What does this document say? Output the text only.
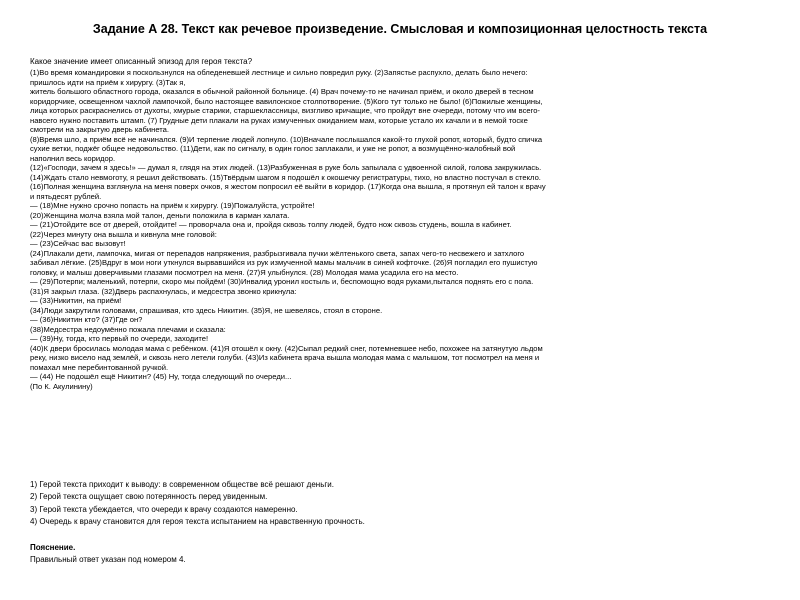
Задание А 28. Текст как речевое произведение. Смысловая и композиционная целостность текста
Какое значение имеет описанный эпизод для героя текста?

(1)Во время командировки я поскользнулся на обледеневшей лестнице и сильно повредил руку. (2)Запястье распухло, делать было нечего:

пришлось идти на приём к хирургу. (3)Так я,

житель большого областного города, оказался в обычной районной больнице. (4) Врач почему-то не начинал приём, и около дверей в тесном

коридорчике, освещенном чахлой лампочкой, было настоящее вавилонское столпотворение. (5)Кого тут только не было! (6)Пожилые женщины,

лица которых раскраснелись от духоты, хмурые старики, старшеклассницы, визгливо кричащие, что пройдут вне очереди, потому что им всего-

навсего нужно поставить штамп. (7) Грудные дети плакали на руках измученных ожиданием мам, которые устало их качали и в немой тоске

смотрели на закрытую дверь кабинета.

(8)Время шло, а приём всё не начинался. (9)И терпение людей лопнуло. (10)Вначале послышался какой-то глухой ропот, который, будто спичка

сухие ветки, поджёг общее недовольство. (11)Дети, как по сигналу, в один голос заплакали, и уже не ропот, а возмущённо-жалобный вой

наполнил весь коридор.

(12)«Господи, зачем я здесь!» — думал я, глядя на этих людей. (13)Разбуженная в руке боль запылала с удвоенной силой, голова закружилась.

(14)Ждать стало невмоготу, я решил действовать. (15)Твёрдым шагом я подошёл к окошечку регистратуры, тихо, но властно постучал в стекло.

(16)Полная женщина взглянула на меня поверх очков, я жестом попросил её выйти в коридор. (17)Когда она вышла, я протянул ей талон к врачу

и пятьдесят рублей.

— (18)Мне нужно срочно попасть на приём к хирургу. (19)Пожалуйста, устройте!

(20)Женщина молча взяла мой талон, деньги положила в карман халата.

— (21)Отойдите все от дверей, отойдите! — проворчала она и, пройдя сквозь толпу людей, будто нож сквозь студень, вошла в кабинет.

(22)Через минуту она вышла и кивнула мне головой:

— (23)Сейчас вас вызовут!

(24)Плакали дети, лампочка, мигая от перепадов напряжения, разбрызгивала пучки жёлтенького света, запах чего-то несвежего и затхлого

забивал лёгкие. (25)Вдруг в мои ноги уткнулся вырвавшийся из рук измученной мамы мальчик в синей кофточке. (26)Я погладил его пушистую

головку, и малыш доверчивыми глазами посмотрел на меня. (27)Я улыбнулся. (28) Молодая мама усадила его на место.

— (29)Потерпи; маленький, потерпи, скоро мы пойдём! (30)Инвалид уронил костыль и, беспомощно водя руками,пытался поднять его с пола.

(31)Я закрыл глаза. (32)Дверь распахнулась, и медсестра звонко крикнула:

— (33)Никитин, на приём!

(34)Люди закрутили головами, спрашивая, кто здесь Никитин. (35)Я, не шевелясь, стоял в стороне.

— (36)Никитин кто? (37)Где он?

(38)Медсестра недоумённо пожала плечами и сказала:

— (39)Ну, тогда, кто первый по очереди, заходите!

(40)К двери бросилась молодая мама с ребёнком. (41)Я отошёл к окну. (42)Сыпал редкий снег, потемневшее небо, похожее на затянутую льдом

реку, низко висело над землёй, и сквозь него летели голуби. (43)Из кабинета врача вышла молодая мама с малышом, тот посмотрел на меня и

помахал мне перебинтованной ручкой.

— (44) Не подошёл ещё Никитин? (45) Ну, тогда следующий по очереди...

(По К. Акулинину)

1) Герой текста приходит к выводу: в современном обществе всё решают деньги.

2) Герой текста ощущает свою потерянность перед увиденным.

3) Герой текста убеждается, что очереди к врачу создаются намеренно.

4) Очередь к врачу становится для героя текста испытанием на нравственную прочность.

Пояснение.
Правильный ответ указан под номером 4.
